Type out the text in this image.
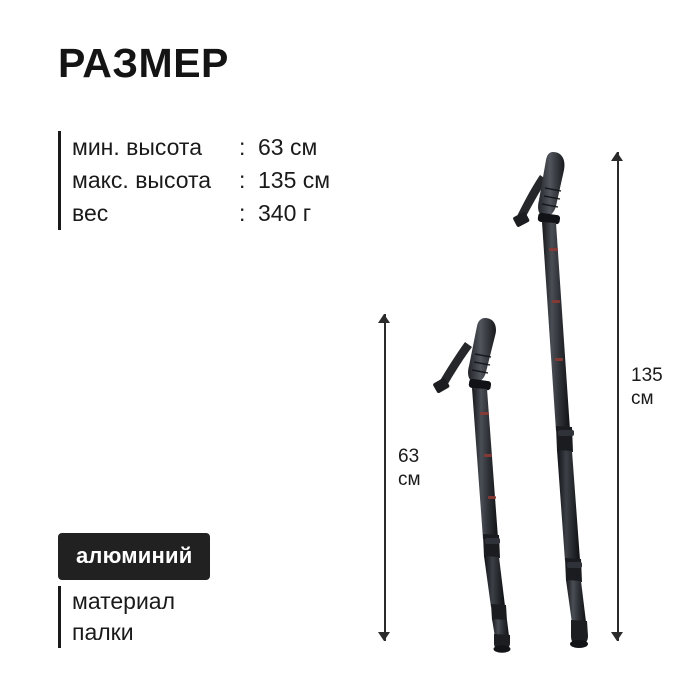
РАЗМЕР
мин. высота	: 63 см
макс. высота	: 135 см
вес	: 340 г
алюминий
материал
палки
63
см
135
см
